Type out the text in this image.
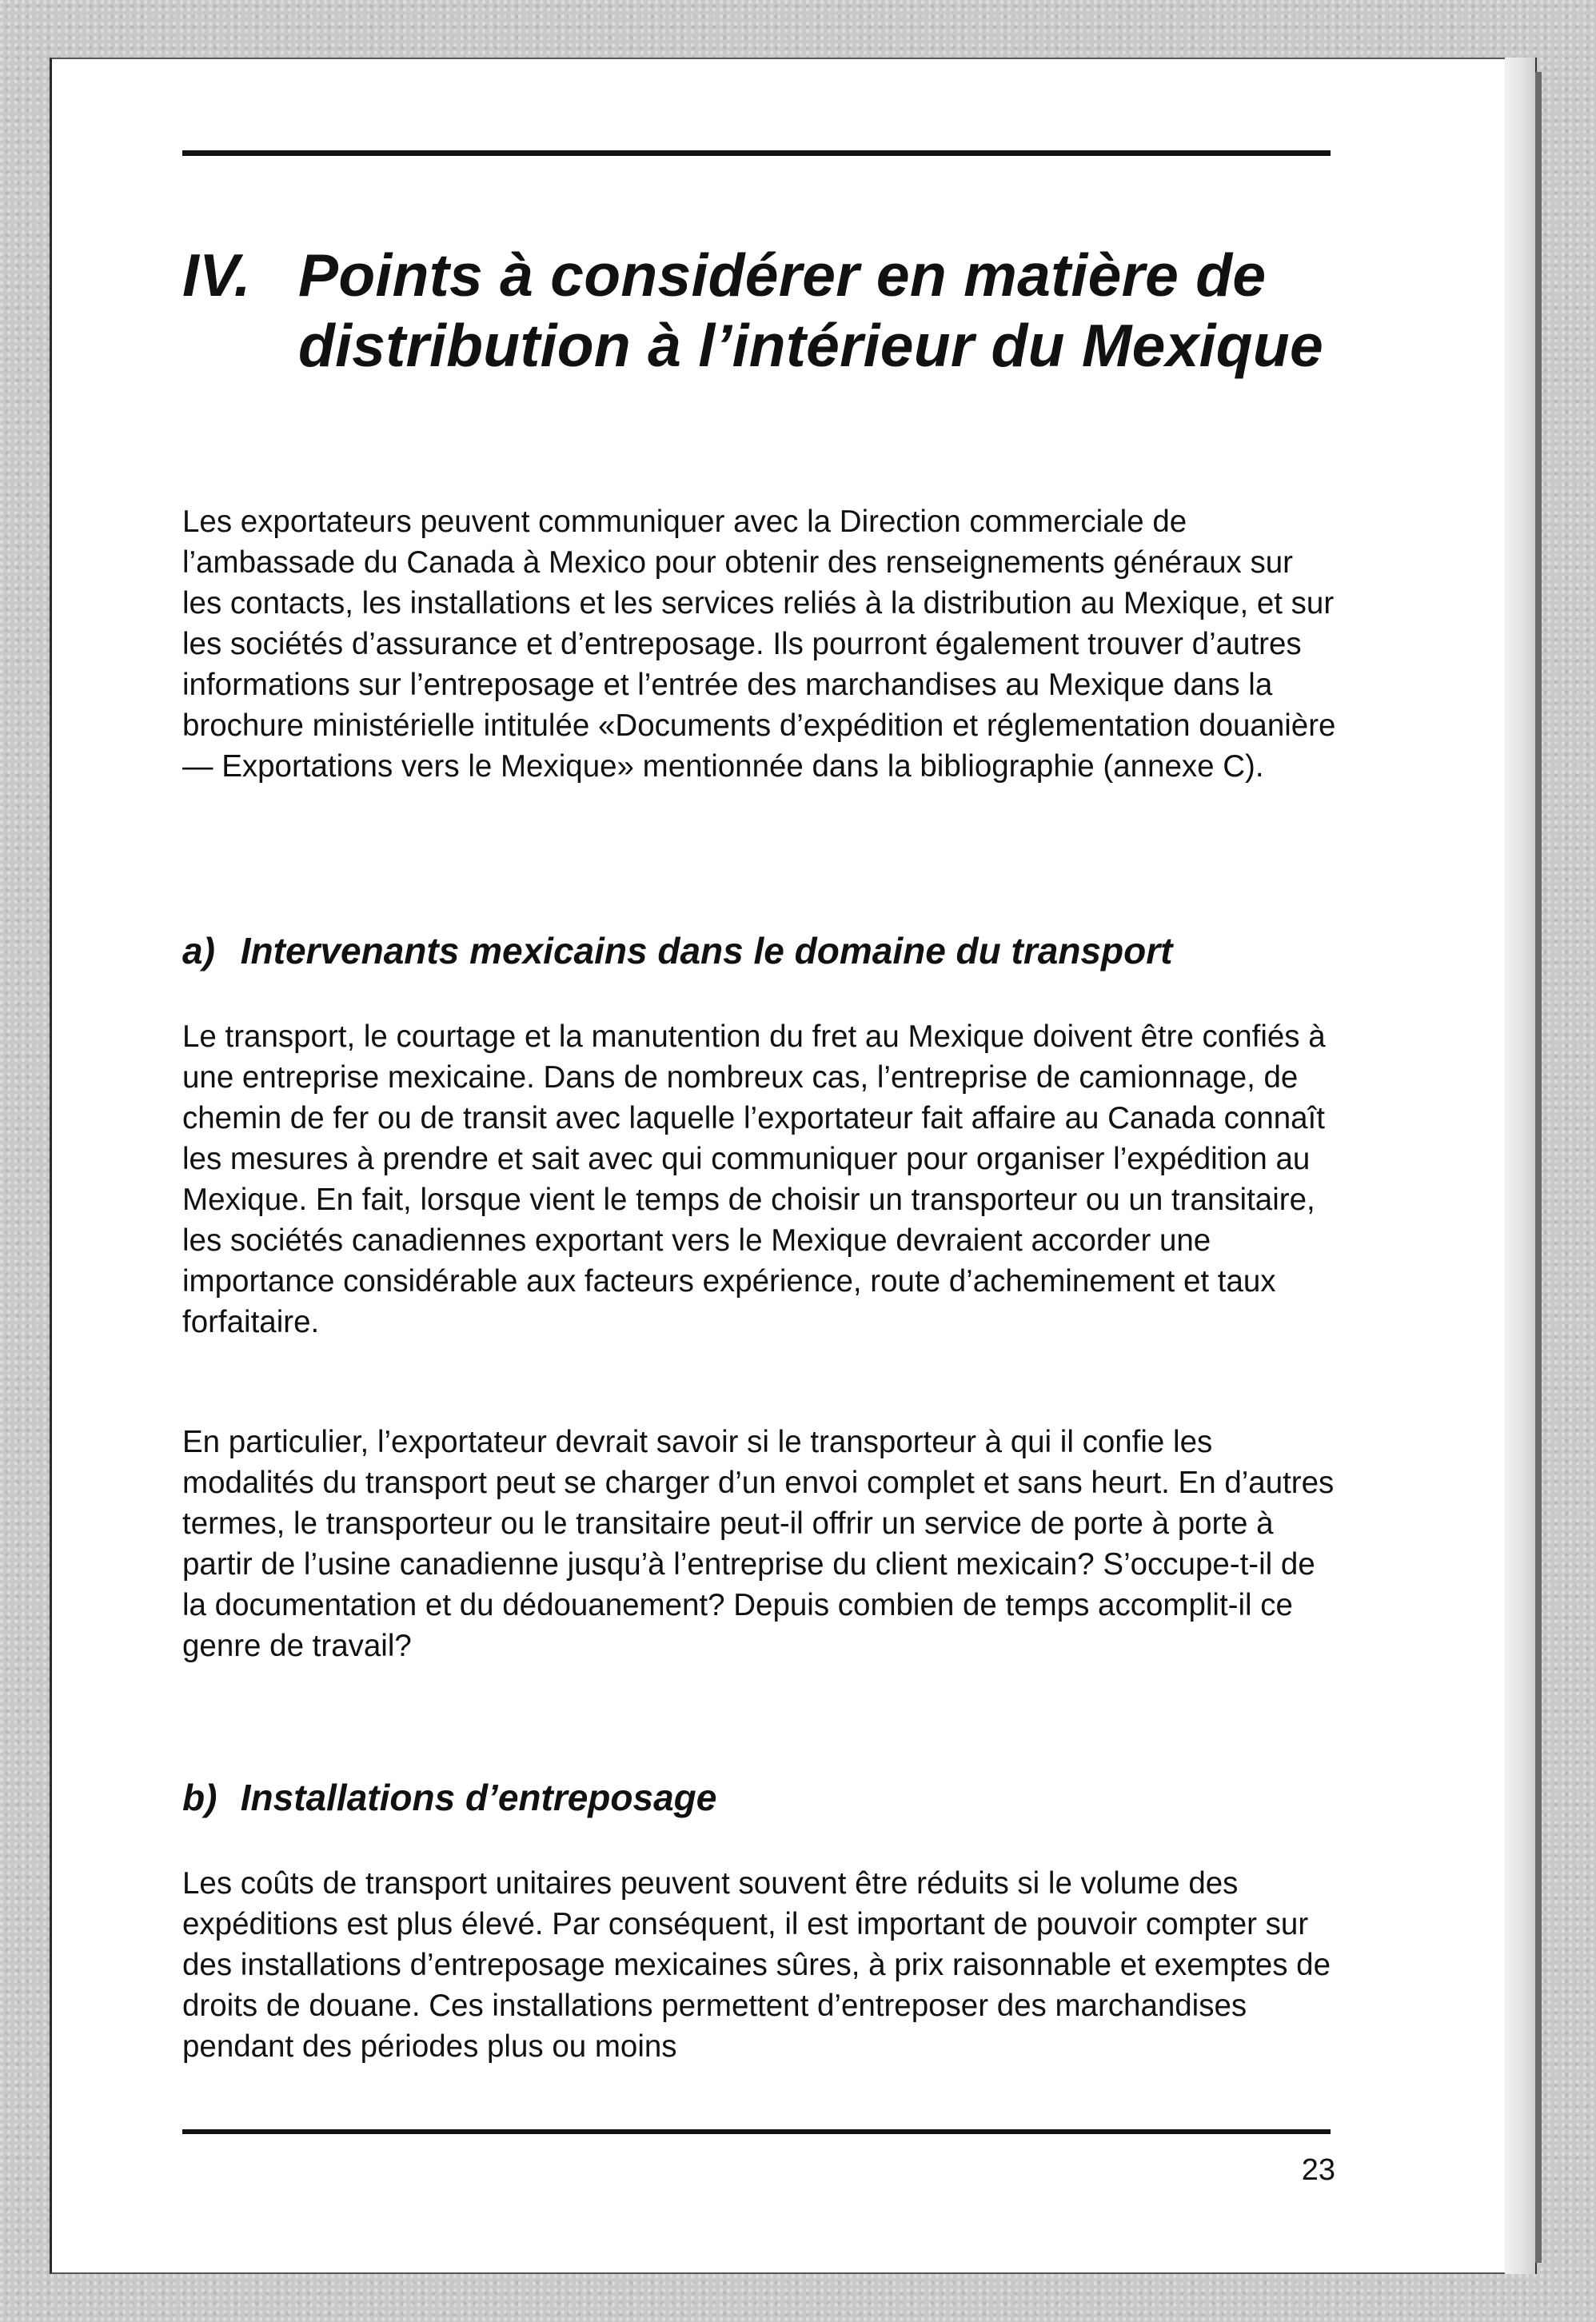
IV. Points à considérer en matière de distribution à l’intérieur du Mexique

Les exportateurs peuvent communiquer avec la Direction commerciale de l’ambassade du Canada à Mexico pour obtenir des renseignements généraux sur les contacts, les installations et les services reliés à la distribution au Mexique, et sur les sociétés d’assurance et d’entreposage. Ils pourront également trouver d’autres informations sur l’entreposage et l’entrée des marchandises au Mexique dans la brochure ministérielle intitulée «Documents d’expédition et réglementation douanière — Exportations vers le Mexique» mentionnée dans la bibliographie (annexe C).

a) Intervenants mexicains dans le domaine du transport

Le transport, le courtage et la manutention du fret au Mexique doivent être confiés à une entreprise mexicaine. Dans de nombreux cas, l’entreprise de camionnage, de chemin de fer ou de transit avec laquelle l’exportateur fait affaire au Canada connaît les mesures à prendre et sait avec qui communiquer pour organiser l’expédition au Mexique. En fait, lorsque vient le temps de choisir un transporteur ou un transitaire, les sociétés canadiennes exportant vers le Mexique devraient accorder une importance considérable aux facteurs expérience, route d’acheminement et taux forfaitaire.

En particulier, l’exportateur devrait savoir si le transporteur à qui il confie les modalités du transport peut se charger d’un envoi complet et sans heurt. En d’autres termes, le transporteur ou le transitaire peut-il offrir un service de porte à porte à partir de l’usine canadienne jusqu’à l’entreprise du client mexicain? S’occupe-t-il de la documentation et du dédouanement? Depuis combien de temps accomplit-il ce genre de travail?

b) Installations d’entreposage

Les coûts de transport unitaires peuvent souvent être réduits si le volume des expéditions est plus élevé. Par conséquent, il est important de pouvoir compter sur des installations d’entreposage mexicaines sûres, à prix raisonnable et exemptes de droits de douane. Ces installations permettent d’entreposer des marchandises pendant des périodes plus ou moins

23
